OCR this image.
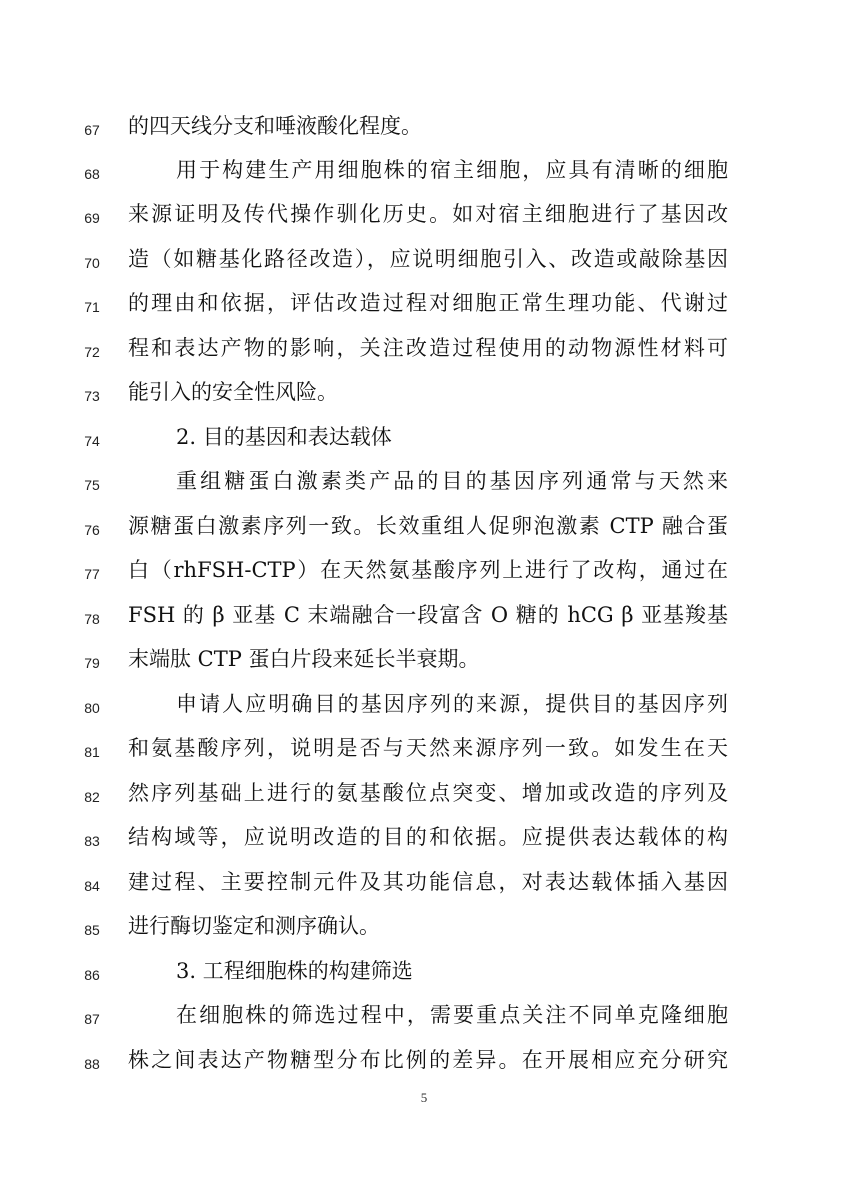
67	的四天线分支和唾液酸化程度。
68	用于构建生产用细胞株的宿主细胞，应具有清晰的细胞
69	来源证明及传代操作驯化历史。如对宿主细胞进行了基因改
70	造（如糖基化路径改造），应说明细胞引入、改造或敲除基因
71	的理由和依据，评估改造过程对细胞正常生理功能、代谢过
72	程和表达产物的影响，关注改造过程使用的动物源性材料可
73	能引入的安全性风险。
74	2. 目的基因和表达载体
75	重组糖蛋白激素类产品的目的基因序列通常与天然来
76	源糖蛋白激素序列一致。长效重组人促卵泡激素 CTP 融合蛋
77	白（rhFSH-CTP）在天然氨基酸序列上进行了改构，通过在
78	FSH 的 β 亚基 C 末端融合一段富含 O 糖的 hCG β 亚基羧基
79	末端肽 CTP 蛋白片段来延长半衰期。
80	申请人应明确目的基因序列的来源，提供目的基因序列
81	和氨基酸序列，说明是否与天然来源序列一致。如发生在天
82	然序列基础上进行的氨基酸位点突变、增加或改造的序列及
83	结构域等，应说明改造的目的和依据。应提供表达载体的构
84	建过程、主要控制元件及其功能信息，对表达载体插入基因
85	进行酶切鉴定和测序确认。
86	3. 工程细胞株的构建筛选
87	在细胞株的筛选过程中，需要重点关注不同单克隆细胞
88	株之间表达产物糖型分布比例的差异。在开展相应充分研究
5
